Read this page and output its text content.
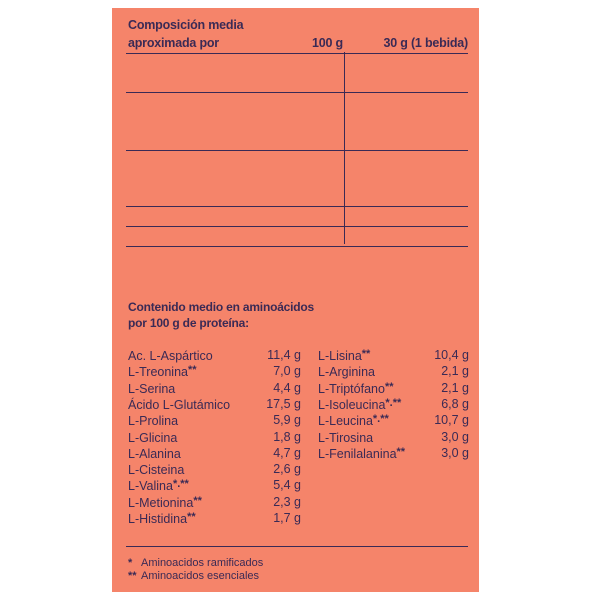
Composición media
aproximada por	100 g	30 g (1 bebida)
Contenido medio en aminoácidos
por 100 g de proteína:
Ac. L-Aspártico	11,4 g
L-Treonina**	7,0 g
L-Serina	4,4 g
Ácido L-Glutámico	17,5 g
L-Prolina	5,9 g
L-Glicina	1,8 g
L-Alanina	4,7 g
L-Cisteina	2,6 g
L-Valina*.**	5,4 g
L-Metionina**	2,3 g
L-Histidina**	1,7 g
L-Lisina**	10,4 g
L-Arginina	2,1 g
L-Triptófano**	2,1 g
L-Isoleucina*.**	6,8 g
L-Leucina*.**	10,7 g
L-Tirosina	3,0 g
L-Fenilalanina**	3,0 g
* Aminoacidos ramificados
** Aminoacidos esenciales
